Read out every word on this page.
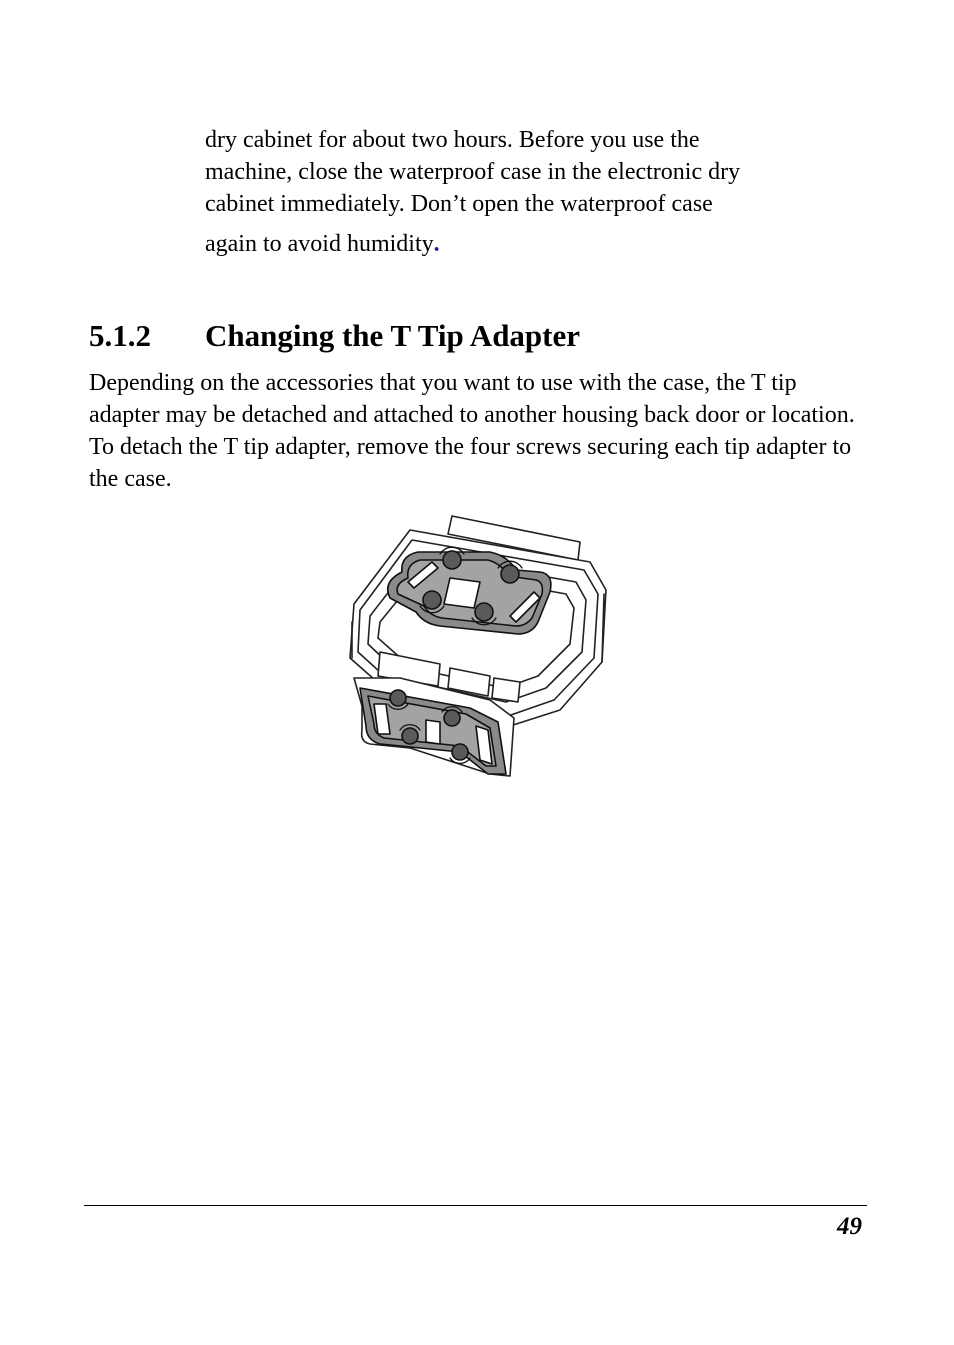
dry cabinet for about two hours. Before you use the

machine, close the waterproof case in the electronic dry

cabinet immediately. Don’t open the waterproof case

again to avoid humidity.

5.1.2 Changing the T Tip Adapter

Depending on the accessories that you want to use with the case, the T tip adapter may be detached and attached to another housing back door or location. To detach the T tip adapter, remove the four screws securing each tip adapter to the case.

49
